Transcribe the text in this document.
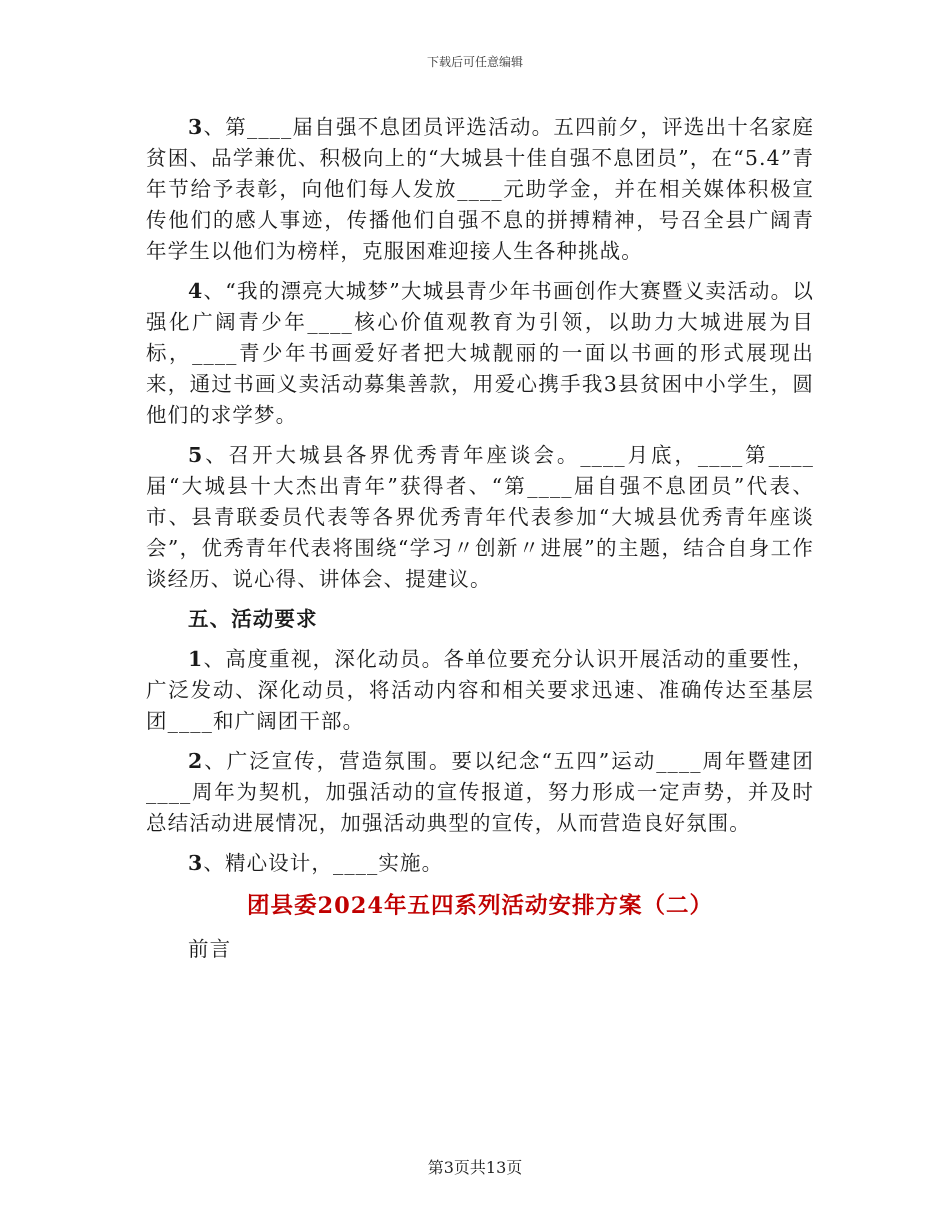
下载后可任意编辑

3、第____届自强不息团员评选活动。五四前夕，评选出十名家庭贫困、品学兼优、积极向上的“大城县十佳自强不息团员”，在“5.4”青年节给予表彰，向他们每人发放____元助学金，并在相关媒体积极宣传他们的感人事迹，传播他们自强不息的拼搏精神，号召全县广阔青年学生以他们为榜样，克服困难迎接人生各种挑战。

4、“我的漂亮大城梦”大城县青少年书画创作大赛暨义卖活动。以强化广阔青少年____核心价值观教育为引领，以助力大城进展为目标，____青少年书画爱好者把大城靓丽的一面以书画的形式展现出来，通过书画义卖活动募集善款，用爱心携手我3县贫困中小学生，圆他们的求学梦。

5、召开大城县各界优秀青年座谈会。____月底，____第____届“大城县十大杰出青年”获得者、“第____届自强不息团员”代表、市、县青联委员代表等各界优秀青年代表参加“大城县优秀青年座谈会”，优秀青年代表将围绕“学习〃创新〃进展”的主题，结合自身工作谈经历、说心得、讲体会、提建议。

五、活动要求

1、高度重视，深化动员。各单位要充分认识开展活动的重要性，广泛发动、深化动员，将活动内容和相关要求迅速、准确传达至基层团____和广阔团干部。

2、广泛宣传，营造氛围。要以纪念“五四”运动____周年暨建团____周年为契机，加强活动的宣传报道，努力形成一定声势，并及时总结活动进展情况，加强活动典型的宣传，从而营造良好氛围。

3、精心设计，____实施。

团县委2024年五四系列活动安排方案（二）

前言

第3页共13页
